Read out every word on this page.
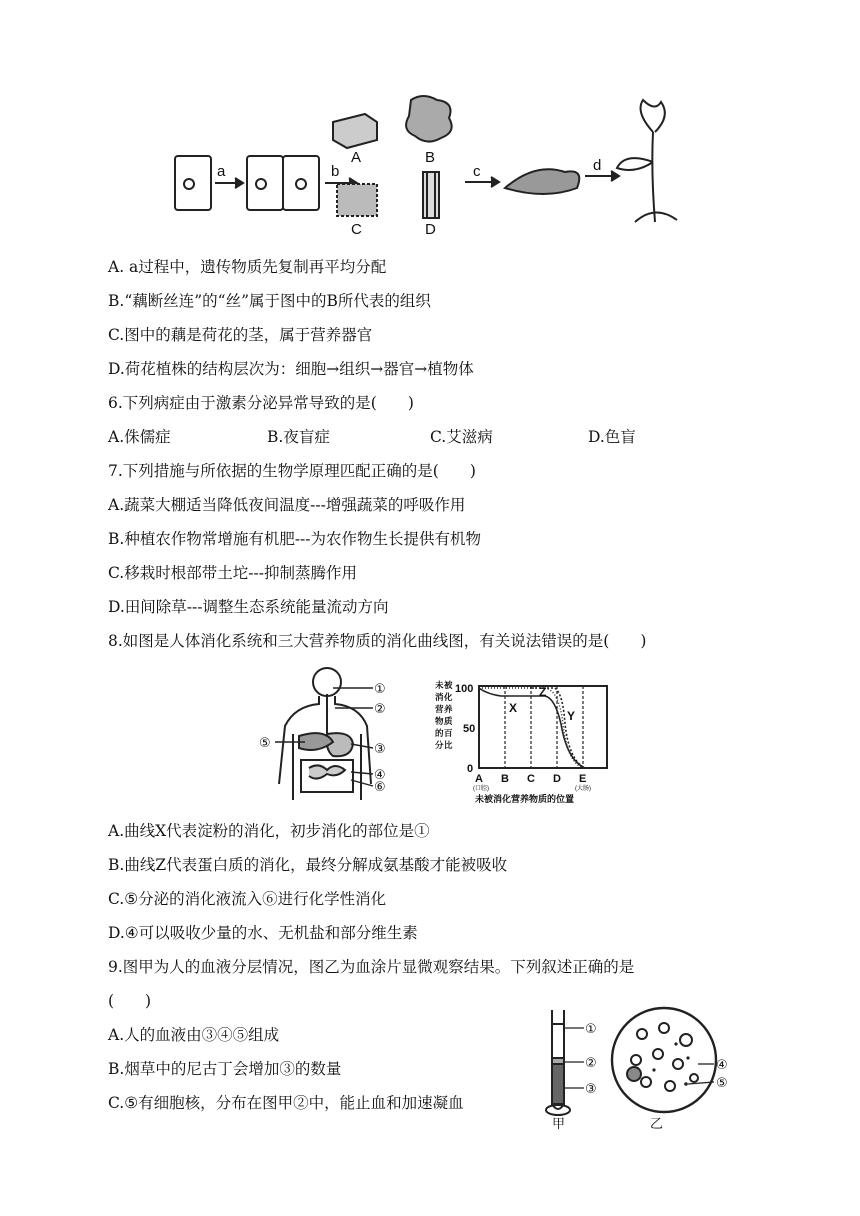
a	b
A
C
B
D
c	d
A. a过程中，遗传物质先复制再平均分配
B.“藕断丝连”的“丝”属于图中的B所代表的组织
C.图中的藕是荷花的茎，属于营养器官
D.荷花植株的结构层次为：细胞→组织→器官→植物体
6.下列病症由于激素分泌异常导致的是(　　)
A.侏儒症	B.夜盲症	C.艾滋病	D.色盲
7.下列措施与所依据的生物学原理匹配正确的是(　　)
A.蔬菜大棚适当降低夜间温度---增强蔬菜的呼吸作用
B.种植农作物常增施有机肥---为农作物生长提供有机物
C.移栽时根部带土坨---抑制蒸腾作用
D.田间除草---调整生态系统能量流动方向
8.如图是人体消化系统和三大营养物质的消化曲线图，有关说法错误的是(　　)
①
②
③
④
⑤
⑥
未 被
消 化
营 养
物 质
的 百
分 比
100
50
0
X
Z
Y
A B C D E
(口腔)	(大肠)
未被消化营养物质的位置
A.曲线X代表淀粉的消化，初步消化的部位是①
B.曲线Z代表蛋白质的消化，最终分解成氨基酸才能被吸收
C.⑤分泌的消化液流入⑥进行化学性消化
D.④可以吸收少量的水、无机盐和部分维生素
9.图甲为人的血液分层情况，图乙为血涂片显微观察结果。下列叙述正确的是
(　　)
A.人的血液由③④⑤组成
B.烟草中的尼古丁会增加③的数量
C.⑤有细胞核，分布在图甲②中，能止血和加速凝血
①
②
③
甲	乙
④
⑤
